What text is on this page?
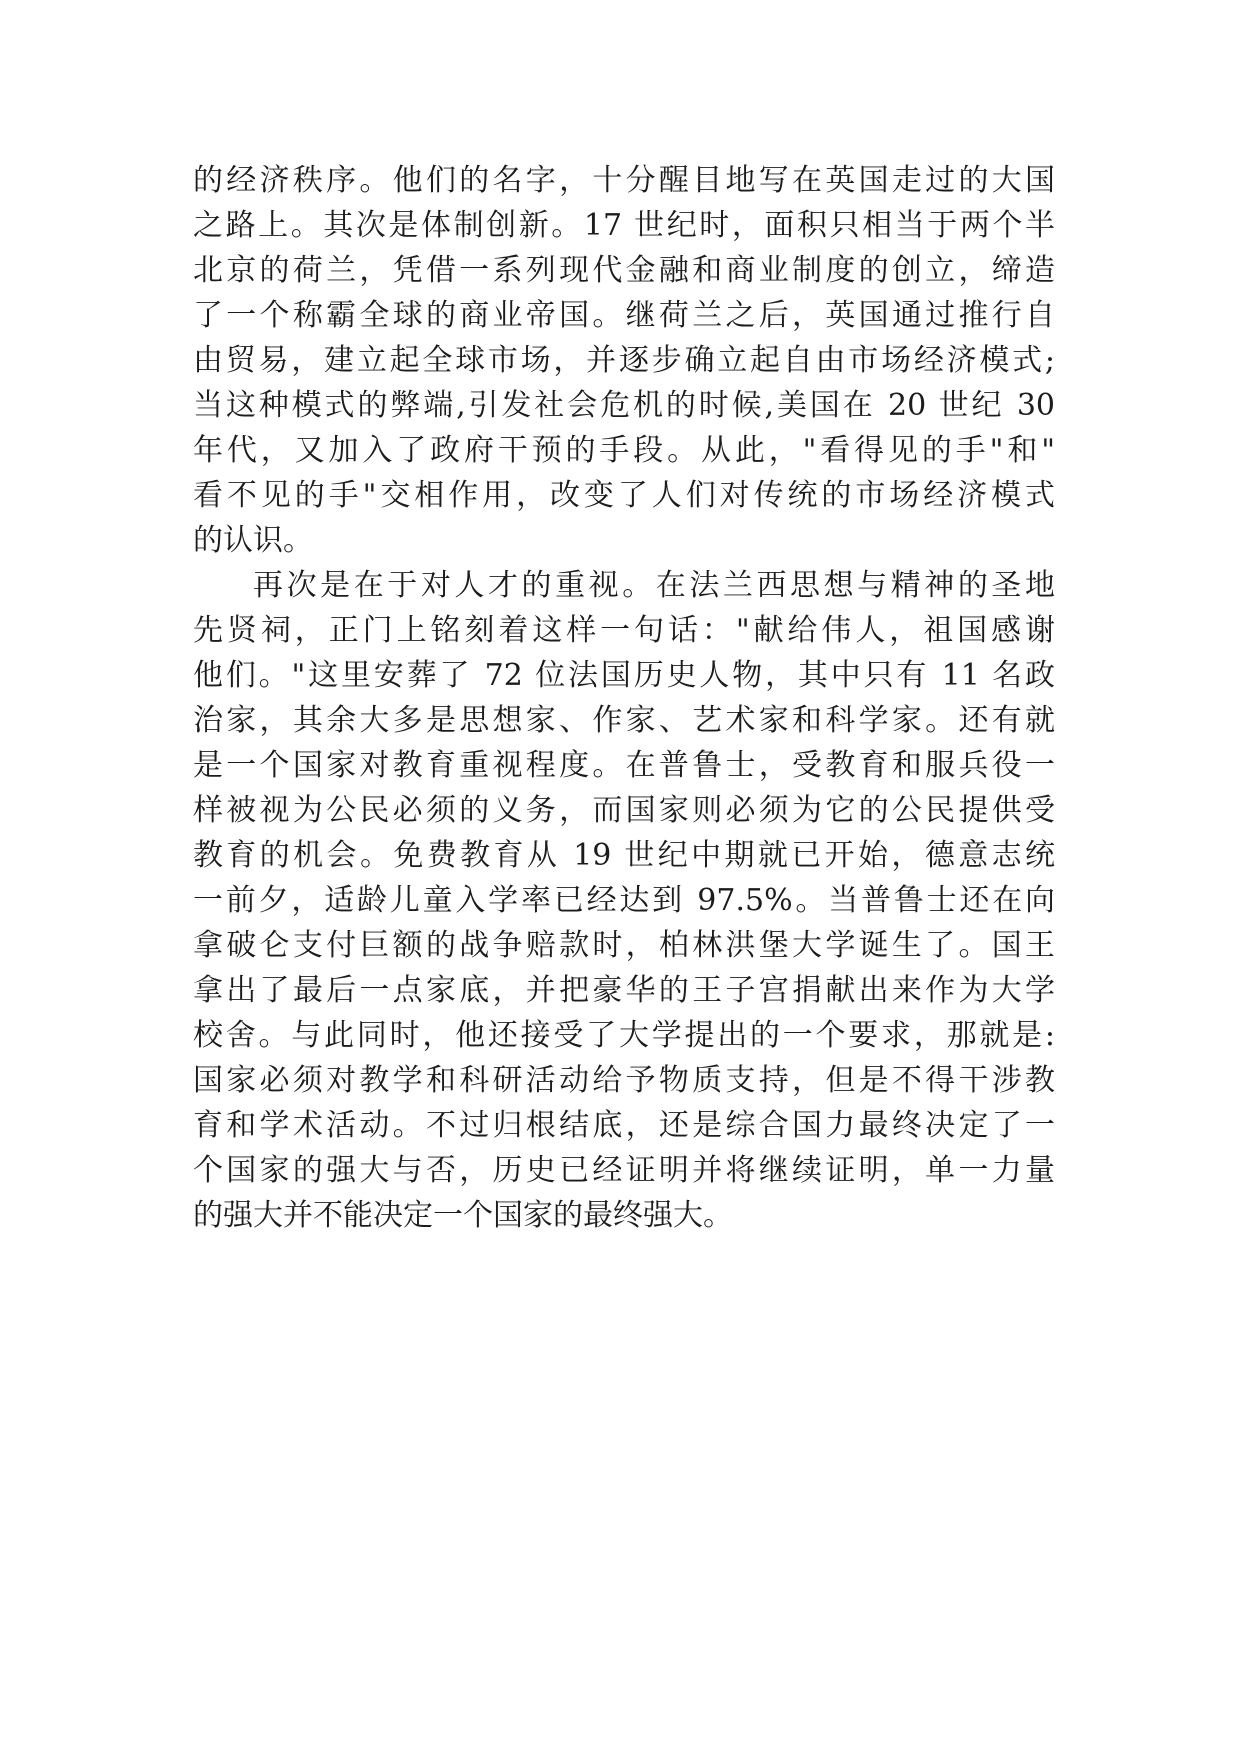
的经济秩序。他们的名字，十分醒目地写在英国走过的大国
之路上。其次是体制创新。17 世纪时，面积只相当于两个半
北京的荷兰，凭借一系列现代金融和商业制度的创立，缔造
了一个称霸全球的商业帝国。继荷兰之后，英国通过推行自
由贸易，建立起全球市场，并逐步确立起自由市场经济模式;
当这种模式的弊端,引发社会危机的时候,美国在 20 世纪 30
年代，又加入了政府干预的手段。从此，"看得见的手"和"
看不见的手"交相作用，改变了人们对传统的市场经济模式
的认识。
再次是在于对人才的重视。在法兰西思想与精神的圣地
先贤祠，正门上铭刻着这样一句话："献给伟人，祖国感谢
他们。"这里安葬了 72 位法国历史人物，其中只有 11 名政
治家，其余大多是思想家、作家、艺术家和科学家。还有就
是一个国家对教育重视程度。在普鲁士，受教育和服兵役一
样被视为公民必须的义务，而国家则必须为它的公民提供受
教育的机会。免费教育从 19 世纪中期就已开始，德意志统
一前夕，适龄儿童入学率已经达到 97.5%。当普鲁士还在向
拿破仑支付巨额的战争赔款时，柏林洪堡大学诞生了。国王
拿出了最后一点家底，并把豪华的王子宫捐献出来作为大学
校舍。与此同时，他还接受了大学提出的一个要求，那就是:
国家必须对教学和科研活动给予物质支持，但是不得干涉教
育和学术活动。不过归根结底，还是综合国力最终决定了一
个国家的强大与否，历史已经证明并将继续证明，单一力量
的强大并不能决定一个国家的最终强大。
